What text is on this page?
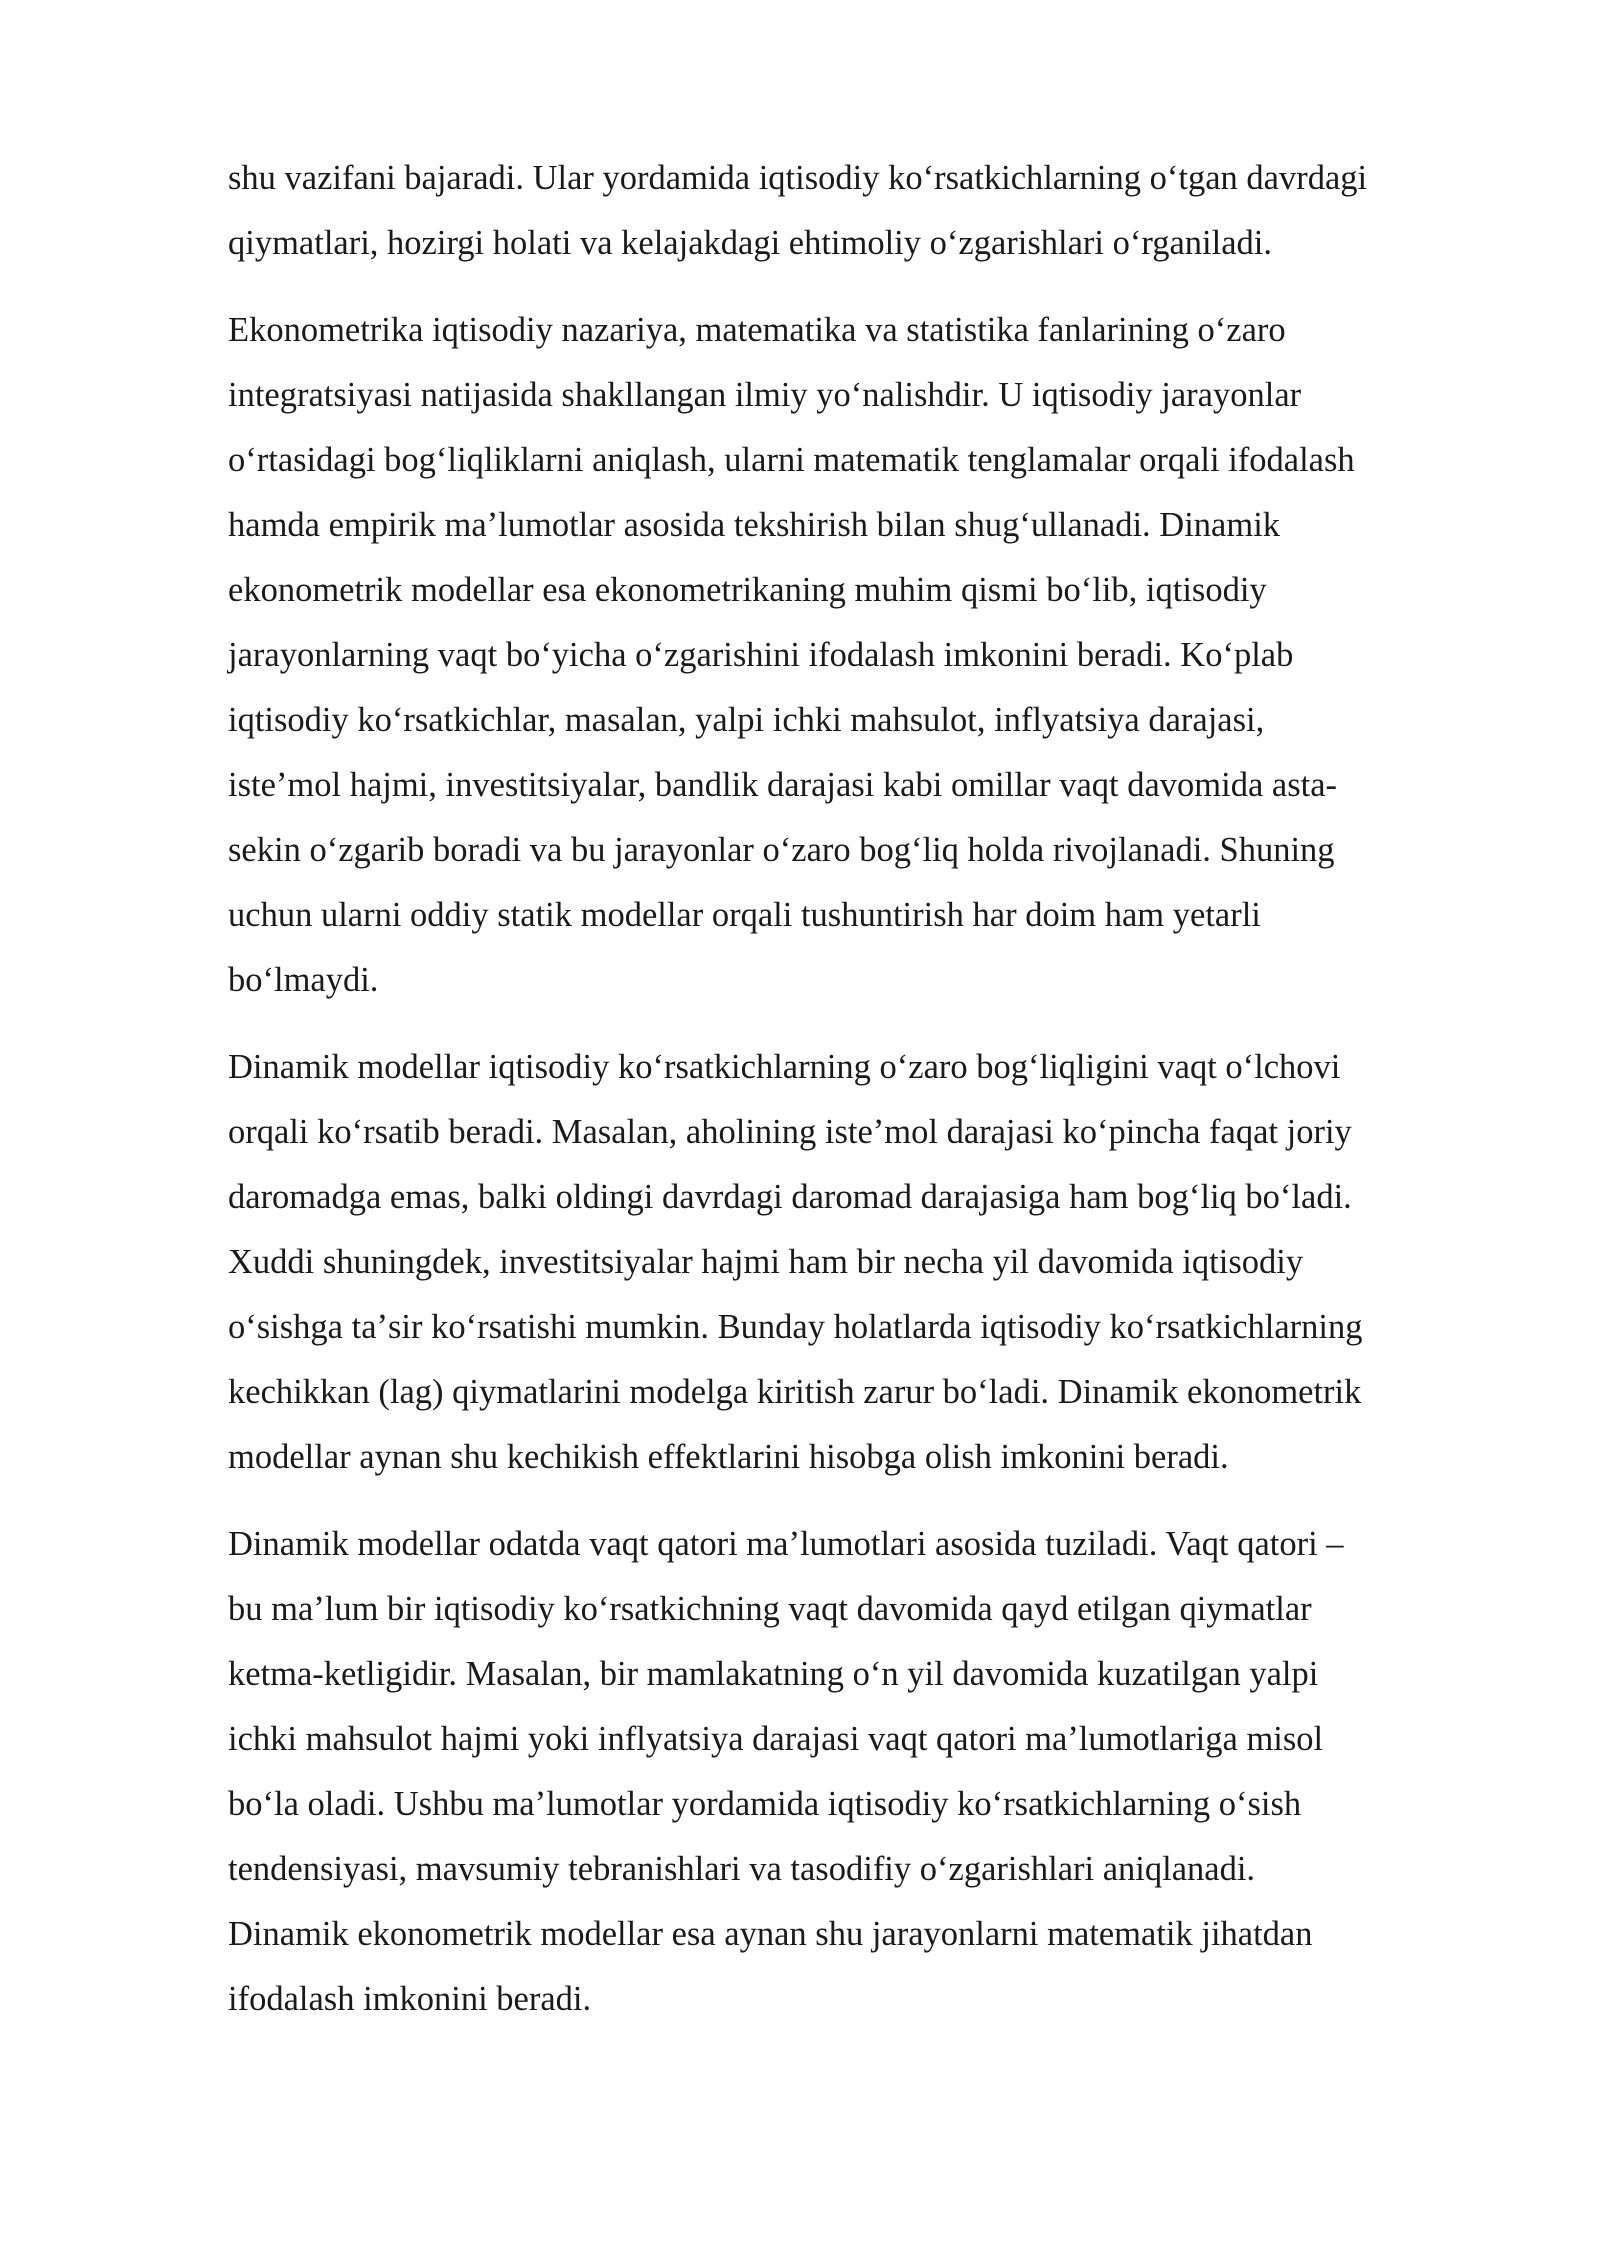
shu vazifani bajaradi. Ular yordamida iqtisodiy koʻrsatkichlarning oʻtgan davrdagi
qiymatlari, hozirgi holati va kelajakdagi ehtimoliy oʻzgarishlari oʻrganiladi.

Ekonometrika iqtisodiy nazariya, matematika va statistika fanlarining oʻzaro
integratsiyasi natijasida shakllangan ilmiy yoʻnalishdir. U iqtisodiy jarayonlar
oʻrtasidagi bogʻliqliklarni aniqlash, ularni matematik tenglamalar orqali ifodalash
hamda empirik maʼlumotlar asosida tekshirish bilan shugʻullanadi. Dinamik
ekonometrik modellar esa ekonometrikaning muhim qismi boʻlib, iqtisodiy
jarayonlarning vaqt boʻyicha oʻzgarishini ifodalash imkonini beradi. Koʻplab
iqtisodiy koʻrsatkichlar, masalan, yalpi ichki mahsulot, inflyatsiya darajasi,
isteʼmol hajmi, investitsiyalar, bandlik darajasi kabi omillar vaqt davomida asta-
sekin oʻzgarib boradi va bu jarayonlar oʻzaro bogʻliq holda rivojlanadi. Shuning
uchun ularni oddiy statik modellar orqali tushuntirish har doim ham yetarli
boʻlmaydi.

Dinamik modellar iqtisodiy koʻrsatkichlarning oʻzaro bogʻliqligini vaqt oʻlchovi
orqali koʻrsatib beradi. Masalan, aholining isteʼmol darajasi koʻpincha faqat joriy
daromadga emas, balki oldingi davrdagi daromad darajasiga ham bogʻliq boʻladi.
Xuddi shuningdek, investitsiyalar hajmi ham bir necha yil davomida iqtisodiy
oʻsishga taʼsir koʻrsatishi mumkin. Bunday holatlarda iqtisodiy koʻrsatkichlarning
kechikkan (lag) qiymatlarini modelga kiritish zarur boʻladi. Dinamik ekonometrik
modellar aynan shu kechikish effektlarini hisobga olish imkonini beradi.

Dinamik modellar odatda vaqt qatori maʼlumotlari asosida tuziladi. Vaqt qatori –
bu maʼlum bir iqtisodiy koʻrsatkichning vaqt davomida qayd etilgan qiymatlar
ketma-ketligidir. Masalan, bir mamlakatning oʻn yil davomida kuzatilgan yalpi
ichki mahsulot hajmi yoki inflyatsiya darajasi vaqt qatori maʼlumotlariga misol
boʻla oladi. Ushbu maʼlumotlar yordamida iqtisodiy koʻrsatkichlarning oʻsish
tendensiyasi, mavsumiy tebranishlari va tasodifiy oʻzgarishlari aniqlanadi.
Dinamik ekonometrik modellar esa aynan shu jarayonlarni matematik jihatdan
ifodalash imkonini beradi.
